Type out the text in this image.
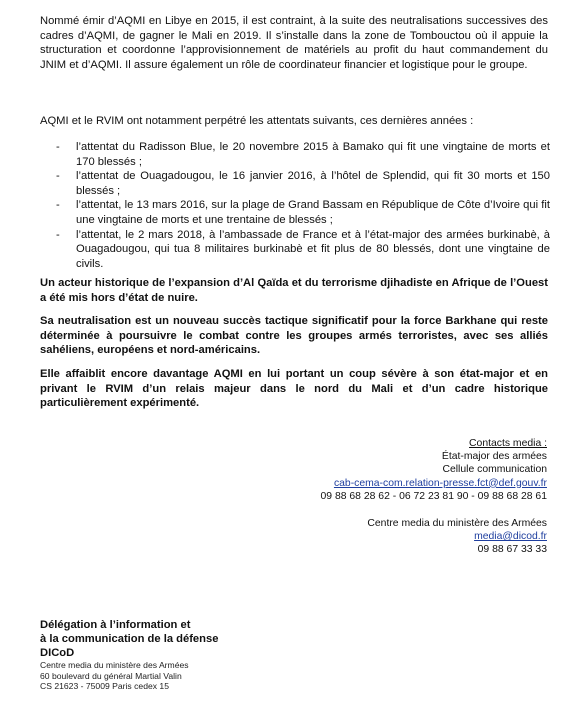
Nommé émir d’AQMI en Libye en 2015, il est contraint, à la suite des neutralisations successives des cadres d’AQMI, de gagner le Mali en 2019. Il s’installe dans la zone de Tombouctou où il appuie la structuration et coordonne l’approvisionnement de matériels au profit du haut commandement du JNIM et d’AQMI. Il assure également un rôle de coordinateur financier et logistique pour le groupe.

AQMI et le RVIM ont notamment perpétré les attentats suivants, ces dernières années :

- l’attentat du Radisson Blue, le 20 novembre 2015 à Bamako qui fit une vingtaine de morts et 170 blessés ;
- l’attentat de Ouagadougou, le 16 janvier 2016, à l’hôtel de Splendid, qui fit 30 morts et 150 blessés ;
- l’attentat, le 13 mars 2016, sur la plage de Grand Bassam en République de Côte d’Ivoire qui fit une vingtaine de morts et une trentaine de blessés ;
- l’attentat, le 2 mars 2018, à l’ambassade de France et à l’état-major des armées burkinabè, à Ouagadougou, qui tua 8 militaires burkinabè et fit plus de 80 blessés, dont une vingtaine de civils.

Un acteur historique de l’expansion d’Al Qaïda et du terrorisme djihadiste en Afrique de l’Ouest a été mis hors d’état de nuire.

Sa neutralisation est un nouveau succès tactique significatif pour la force Barkhane qui reste déterminée à poursuivre le combat contre les groupes armés terroristes, avec ses alliés sahéliens, européens et nord-américains.

Elle affaiblit encore davantage AQMI en lui portant un coup sévère à son état-major et en privant le RVIM d’un relais majeur dans le nord du Mali et d’un cadre historique particulièrement expérimenté.

Contacts media :
État-major des armées
Cellule communication
cab-cema-com.relation-presse.fct@def.gouv.fr
09 88 68 28 62 - 06 72 23 81 90 - 09 88 68 28 61
Centre media du ministère des Armées
media@dicod.fr
09 88 67 33 33
Délégation à l’information et
à la communication de la défense
DICoD
Centre media du ministère des Armées
60 boulevard du général Martial Valin
CS 21623 - 75009 Paris cedex 15
